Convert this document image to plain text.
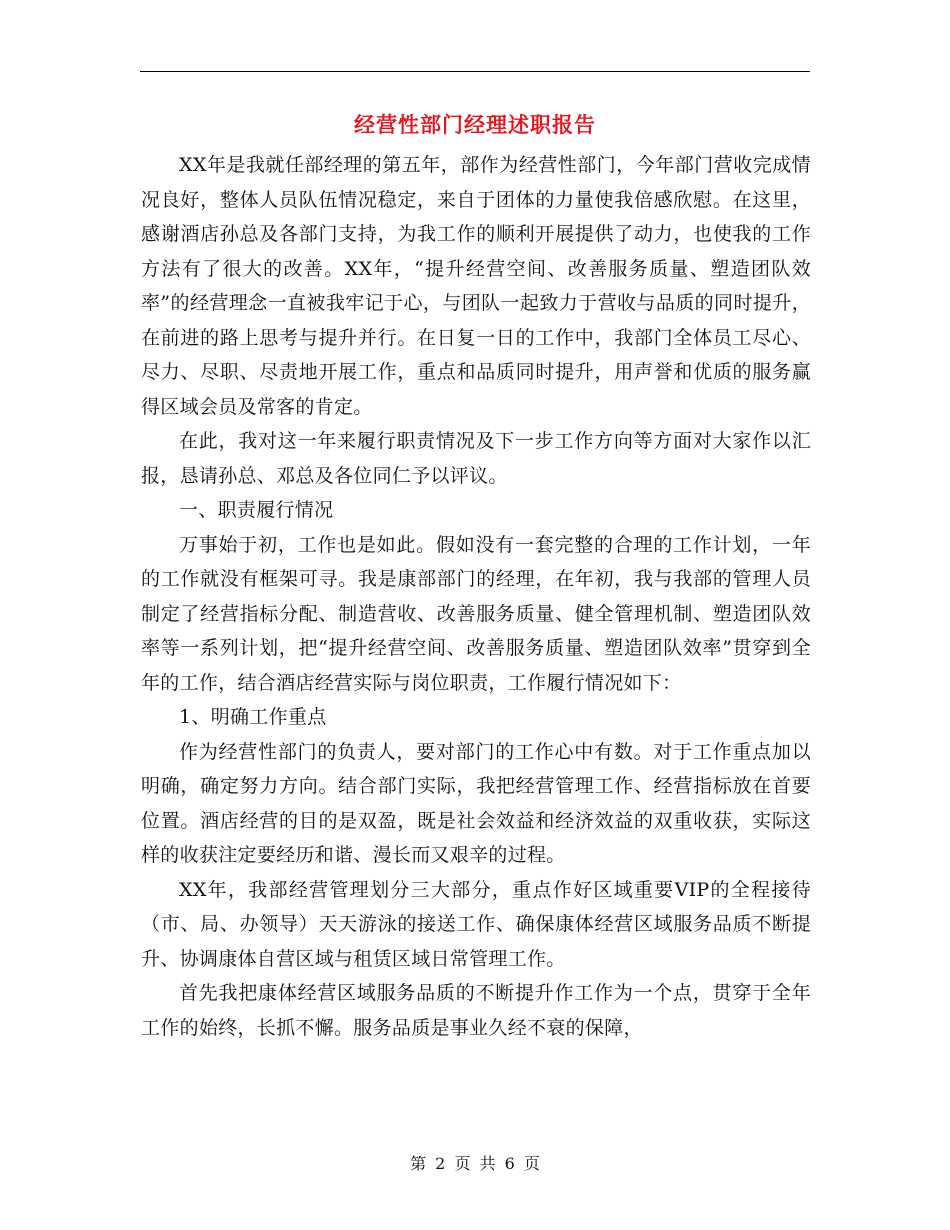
经营性部门经理述职报告

XX年是我就任部经理的第五年，部作为经营性部门，今年部门营收完成情况良好，整体人员队伍情况稳定，来自于团体的力量使我倍感欣慰。在这里，感谢酒店孙总及各部门支持，为我工作的顺利开展提供了动力，也使我的工作方法有了很大的改善。XX年，“提升经营空间、改善服务质量、塑造团队效率”的经营理念一直被我牢记于心，与团队一起致力于营收与品质的同时提升，在前进的路上思考与提升并行。在日复一日的工作中，我部门全体员工尽心、尽力、尽职、尽责地开展工作，重点和品质同时提升，用声誉和优质的服务赢得区域会员及常客的肯定。

在此，我对这一年来履行职责情况及下一步工作方向等方面对大家作以汇报，恳请孙总、邓总及各位同仁予以评议。

一、职责履行情况

万事始于初，工作也是如此。假如没有一套完整的合理的工作计划，一年的工作就没有框架可寻。我是康部部门的经理，在年初，我与我部的管理人员制定了经营指标分配、制造营收、改善服务质量、健全管理机制、塑造团队效率等一系列计划，把“提升经营空间、改善服务质量、塑造团队效率”贯穿到全年的工作，结合酒店经营实际与岗位职责，工作履行情况如下：

1、明确工作重点

作为经营性部门的负责人，要对部门的工作心中有数。对于工作重点加以明确，确定努力方向。结合部门实际，我把经营管理工作、经营指标放在首要位置。酒店经营的目的是双盈，既是社会效益和经济效益的双重收获，实际这样的收获注定要经历和谐、漫长而又艰辛的过程。

XX年，我部经营管理划分三大部分，重点作好区域重要VIP的全程接待（市、局、办领导）天天游泳的接送工作、确保康体经营区域服务品质不断提升、协调康体自营区域与租赁区域日常管理工作。

首先我把康体经营区域服务品质的不断提升作工作为一个点，贯穿于全年工作的始终，长抓不懈。服务品质是事业久经不衰的保障，

第 2 页 共 6 页
